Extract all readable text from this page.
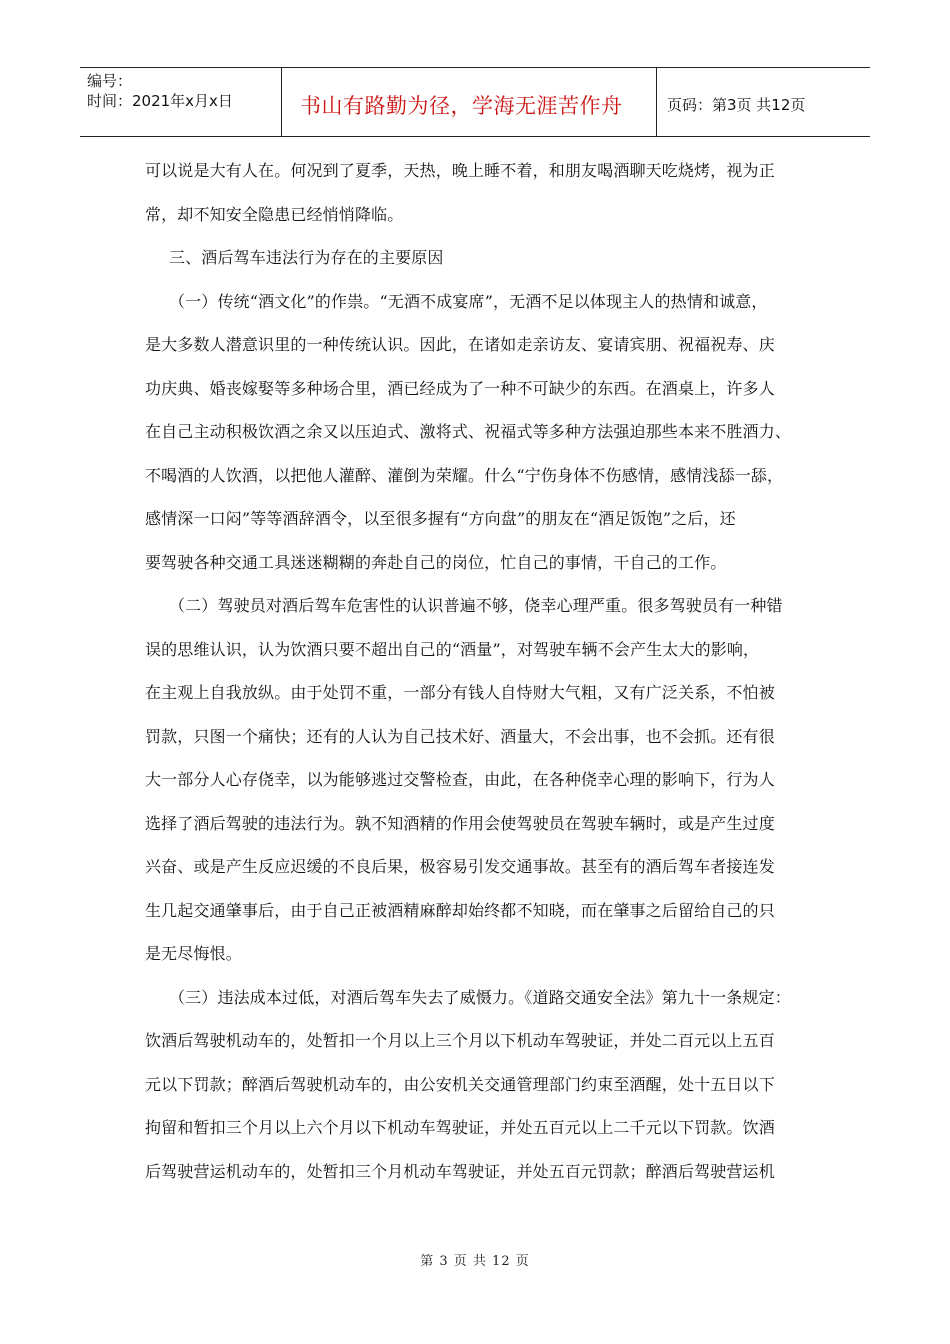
编号：
时间：2021年x月x日	书山有路勤为径，学海无涯苦作舟	页码：第3页 共12页
可以说是大有人在。何况到了夏季，天热，晚上睡不着，和朋友喝酒聊天吃烧烤，视为正
常，却不知安全隐患已经悄悄降临。
三、酒后驾车违法行为存在的主要原因
（一）传统“酒文化”的作祟。“无酒不成宴席”，无酒不足以体现主人的热情和诚意，
是大多数人潜意识里的一种传统认识。因此，在诸如走亲访友、宴请宾朋、祝福祝寿、庆
功庆典、婚丧嫁娶等多种场合里，酒已经成为了一种不可缺少的东西。在酒桌上，许多人
在自己主动积极饮酒之余又以压迫式、激将式、祝福式等多种方法强迫那些本来不胜酒力、
不喝酒的人饮酒，以把他人灌醉、灌倒为荣耀。什么“宁伤身体不伤感情，感情浅舔一舔，
感情深一口闷”等等酒辞酒令，以至很多握有“方向盘”的朋友在“酒足饭饱”之后，还
要驾驶各种交通工具迷迷糊糊的奔赴自己的岗位，忙自己的事情，干自己的工作。
（二）驾驶员对酒后驾车危害性的认识普遍不够，侥幸心理严重。很多驾驶员有一种错
误的思维认识，认为饮酒只要不超出自己的“酒量”，对驾驶车辆不会产生太大的影响，
在主观上自我放纵。由于处罚不重，一部分有钱人自恃财大气粗，又有广泛关系，不怕被
罚款，只图一个痛快；还有的人认为自己技术好、酒量大，不会出事，也不会抓。还有很
大一部分人心存侥幸，以为能够逃过交警检查，由此，在各种侥幸心理的影响下，行为人
选择了酒后驾驶的违法行为。孰不知酒精的作用会使驾驶员在驾驶车辆时，或是产生过度
兴奋、或是产生反应迟缓的不良后果，极容易引发交通事故。甚至有的酒后驾车者接连发
生几起交通肇事后，由于自己正被酒精麻醉却始终都不知晓，而在肇事之后留给自己的只
是无尽悔恨。
（三）违法成本过低，对酒后驾车失去了威慑力。《道路交通安全法》第九十一条规定：
饮酒后驾驶机动车的，处暂扣一个月以上三个月以下机动车驾驶证，并处二百元以上五百
元以下罚款；醉酒后驾驶机动车的，由公安机关交通管理部门约束至酒醒，处十五日以下
拘留和暂扣三个月以上六个月以下机动车驾驶证，并处五百元以上二千元以下罚款。饮酒
后驾驶营运机动车的，处暂扣三个月机动车驾驶证，并处五百元罚款；醉酒后驾驶营运机
第 3 页 共 12 页
